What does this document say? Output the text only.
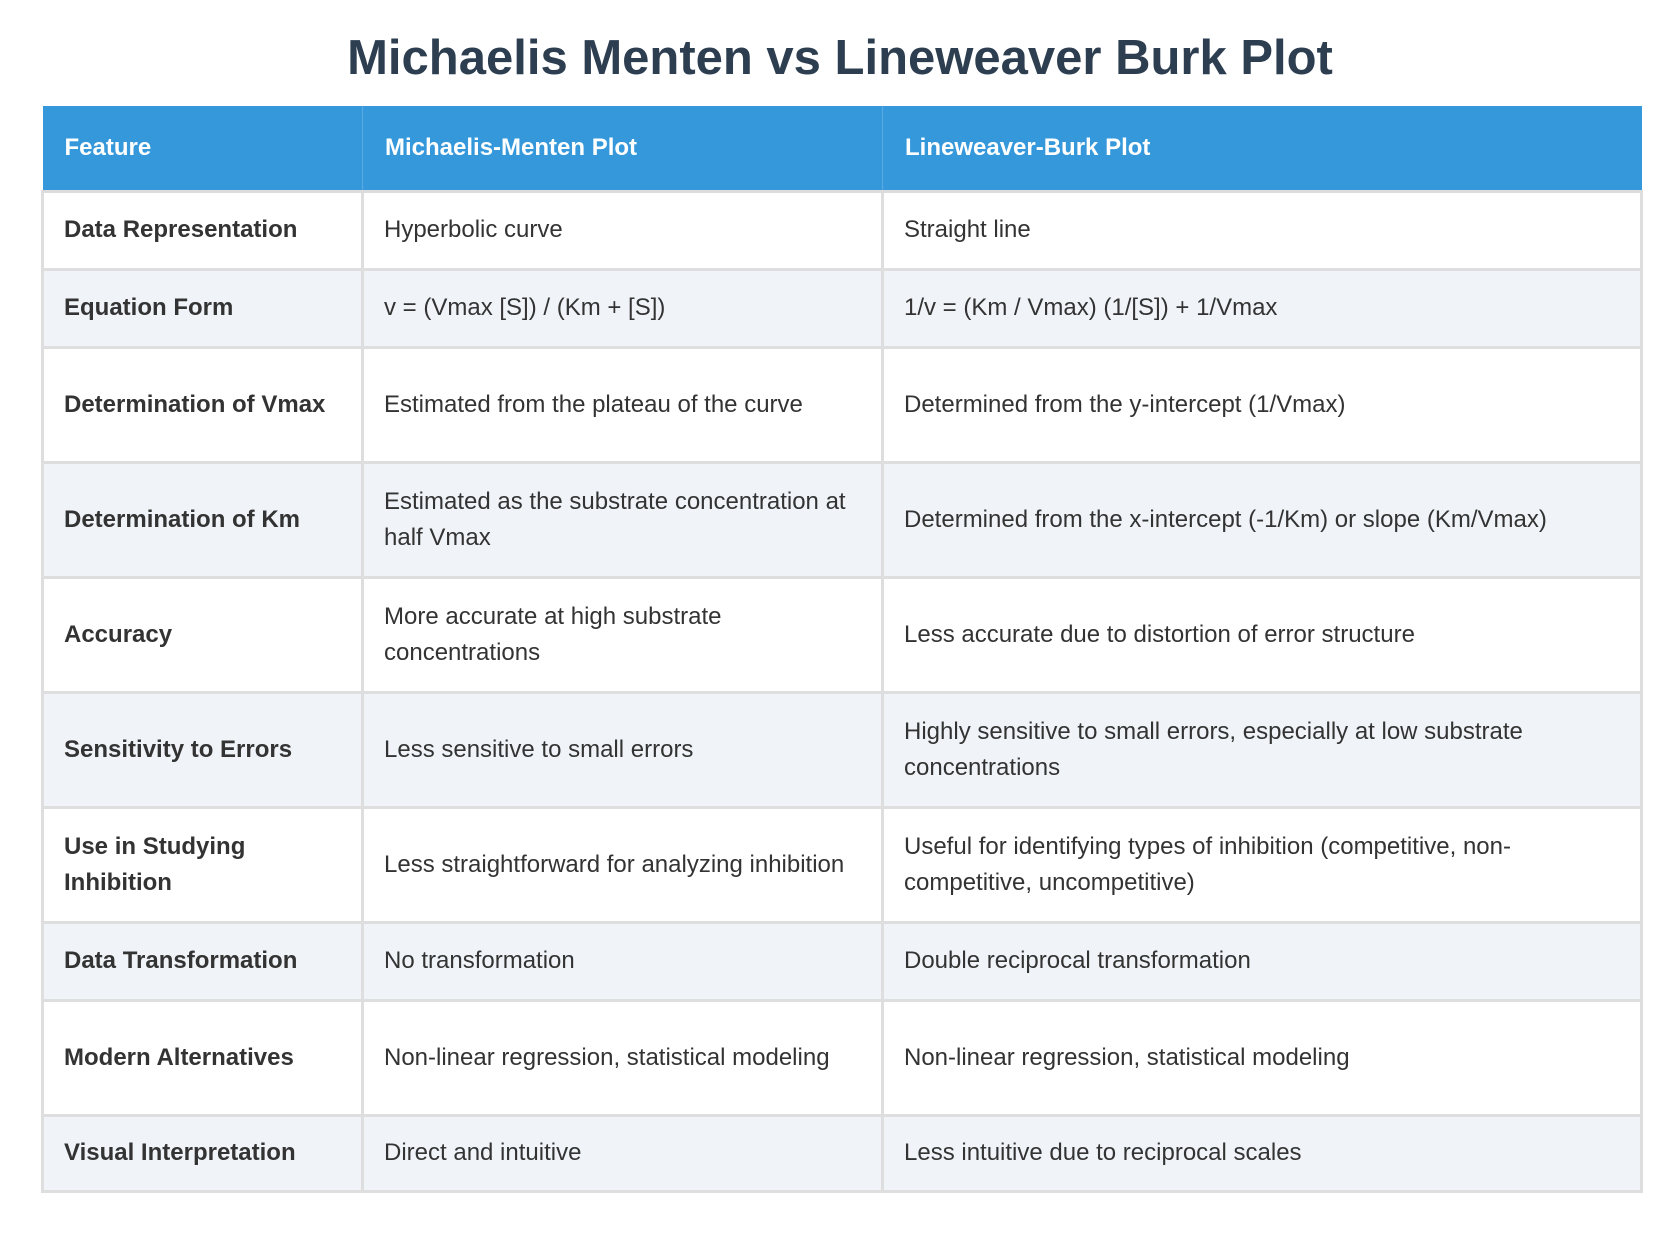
Michaelis Menten vs Lineweaver Burk Plot
Feature	Michaelis-Menten Plot	Lineweaver-Burk Plot
Data Representation	Hyperbolic curve	Straight line
Equation Form	v = (Vmax [S]) / (Km + [S])	1/v = (Km / Vmax) (1/[S]) + 1/Vmax
Determination of Vmax	Estimated from the plateau of the curve	Determined from the y-intercept (1/Vmax)
Determination of Km	Estimated as the substrate concentration at half Vmax	Determined from the x-intercept (-1/Km) or slope (Km/Vmax)
Accuracy	More accurate at high substrate concentrations	Less accurate due to distortion of error structure
Sensitivity to Errors	Less sensitive to small errors	Highly sensitive to small errors, especially at low substrate concentrations
Use in Studying Inhibition	Less straightforward for analyzing inhibition	Useful for identifying types of inhibition (competitive, non-competitive, uncompetitive)
Data Transformation	No transformation	Double reciprocal transformation
Modern Alternatives	Non-linear regression, statistical modeling	Non-linear regression, statistical modeling
Visual Interpretation	Direct and intuitive	Less intuitive due to reciprocal scales
